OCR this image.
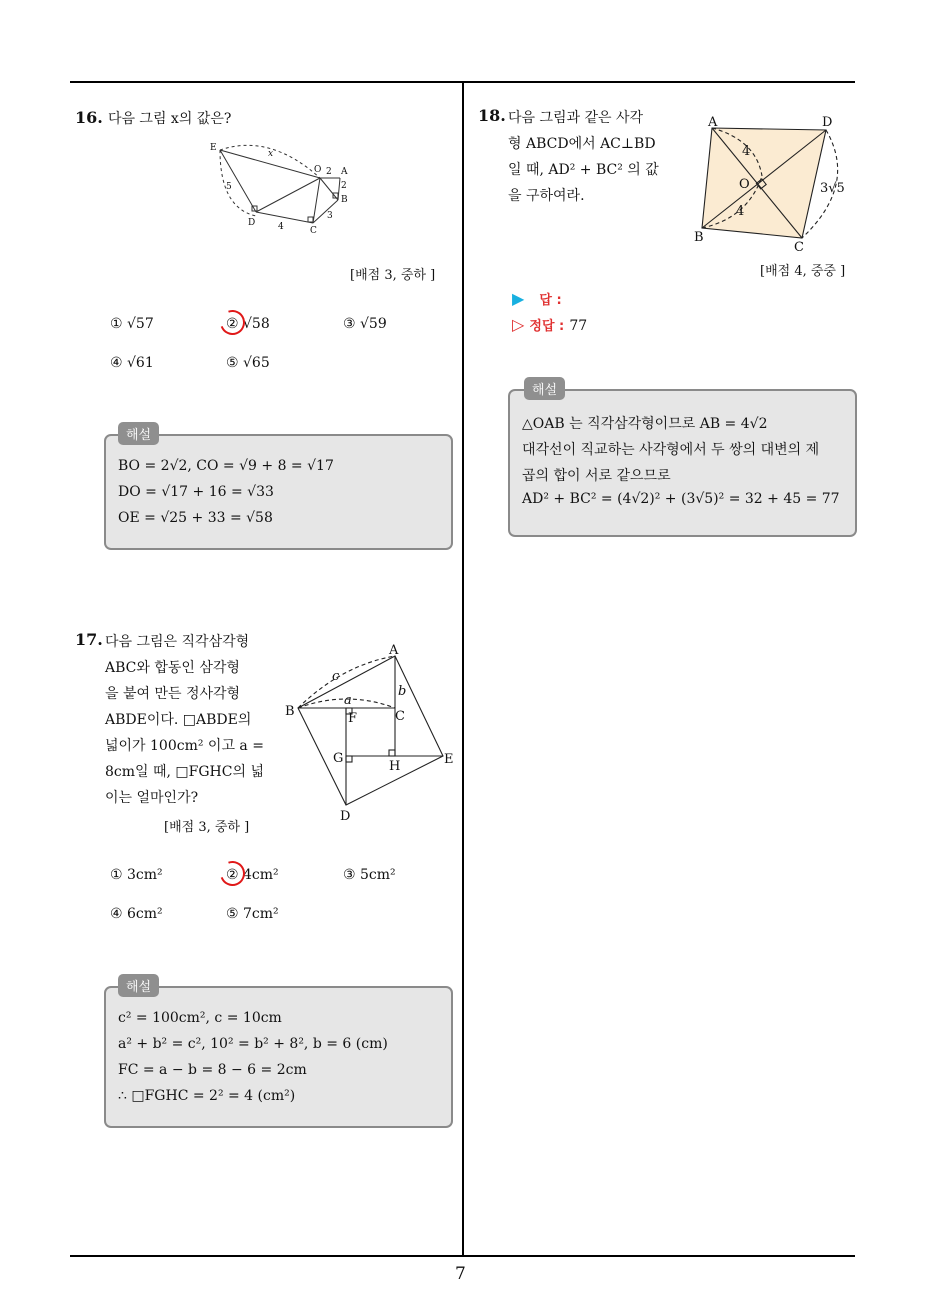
7
16. 다음 그림 x의 값은?
E
x
O 2 A
2
B
5
3
D	4	C
[배점 3, 중하 ]
① √57	② √58	③ √59
④ √61	⑤ √65
BO = 2√2, CO = √9 + 8 = √17
DO = √17 + 16 = √33
OE = √25 + 33 = √58
해설
17. 다음 그림은 직각삼각형
ABC와 합동인 삼각형
을 붙여 만든 정사각형
ABDE이다. □ABDE의
넓이가 100cm² 이고 a =
8cm일 때, □FGHC의 넓
이는 얼마인가?
[배점 3, 중하 ]
A
c
b
B
a
F	C
G
H	E
D
① 3cm²	② 4cm²	③ 5cm²
④ 6cm²	⑤ 7cm²
c² = 100cm², c = 10cm
a² + b² = c², 10² = b² + 8², b = 6 (cm)
FC = a − b = 8 − 6 = 2cm
∴ □FGHC = 2² = 4 (cm²)
해설
18. 다음 그림과 같은 사각
형 ABCD에서 AC⊥BD
일 때, AD² + BC² 의 값
을 구하여라.
A	D
4
O	3√5
4
B
C
[배점 4, 중중 ]
▶ 답 :
▷ 정답 : 77
△OAB 는 직각삼각형이므로 AB = 4√2
대각선이 직교하는 사각형에서 두 쌍의 대변의 제
곱의 합이 서로 같으므로
AD² + BC² = (4√2)² + (3√5)² = 32 + 45 = 77
해설
